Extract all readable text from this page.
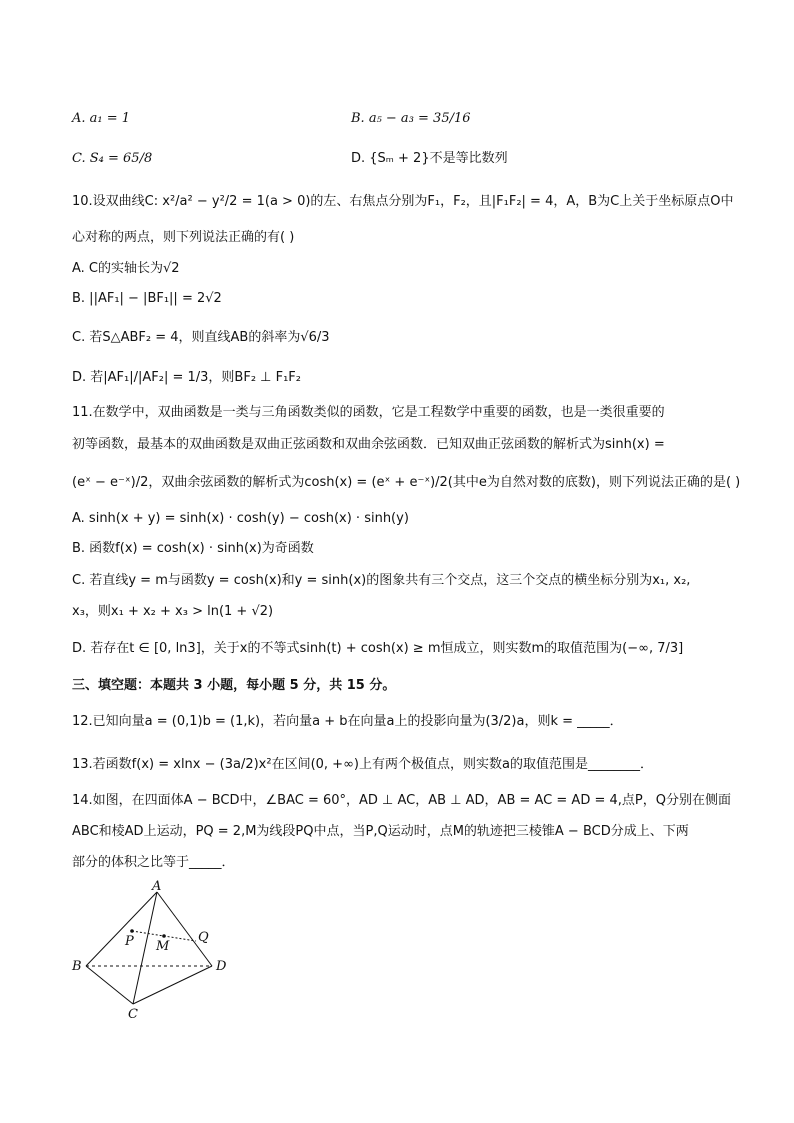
A. a₁ = 1	B. a₅ − a₃ = 35/16
C. S₄ = 65/8	D. {Sₘ + 2}不是等比数列
10.设双曲线C: x²/a² − y²/2 = 1(a > 0)的左、右焦点分别为F₁，F₂，且|F₁F₂| = 4，A，B为C上关于坐标原点O中
心对称的两点，则下列说法正确的有( )
A. C的实轴长为√2
B. ||AF₁| − |BF₁|| = 2√2
C. 若S△ABF₂ = 4，则直线AB的斜率为√6/3
D. 若|AF₁|/|AF₂| = 1/3，则BF₂ ⊥ F₁F₂
11.在数学中，双曲函数是一类与三角函数类似的函数，它是工程数学中重要的函数，也是一类很重要的
初等函数，最基本的双曲函数是双曲正弦函数和双曲余弦函数．已知双曲正弦函数的解析式为sinh(x) =
(eˣ − e⁻ˣ)/2，双曲余弦函数的解析式为cosh(x) = (eˣ + e⁻ˣ)/2(其中e为自然对数的底数)，则下列说法正确的是( )
A. sinh(x + y) = sinh(x) · cosh(y) − cosh(x) · sinh(y)
B. 函数f(x) = cosh(x) · sinh(x)为奇函数
C. 若直线y = m与函数y = cosh(x)和y = sinh(x)的图象共有三个交点，这三个交点的横坐标分别为x₁, x₂,
x₃，则x₁ + x₂ + x₃ > ln(1 + √2)
D. 若存在t ∈ [0, ln3]，关于x的不等式sinh(t) + cosh(x) ≥ m恒成立，则实数m的取值范围为(−∞, 7/3]
三、填空题：本题共 3 小题，每小题 5 分，共 15 分。
12.已知向量a = (0,1)b = (1,k)，若向量a + b在向量a上的投影向量为(3/2)a，则k = _____．
13.若函数f(x) = xlnx − (3a/2)x²在区间(0, +∞)上有两个极值点，则实数a的取值范围是________．
14.如图，在四面体A − BCD中，∠BAC = 60°，AD ⊥ AC，AB ⊥ AD，AB = AC = AD = 4,点P，Q分别在侧面
ABC和棱AD上运动，PQ = 2,M为线段PQ中点，当P,Q运动时，点M的轨迹把三棱锥A − BCD分成上、下两
部分的体积之比等于_____．
A
B
C
D
P	Q
M
